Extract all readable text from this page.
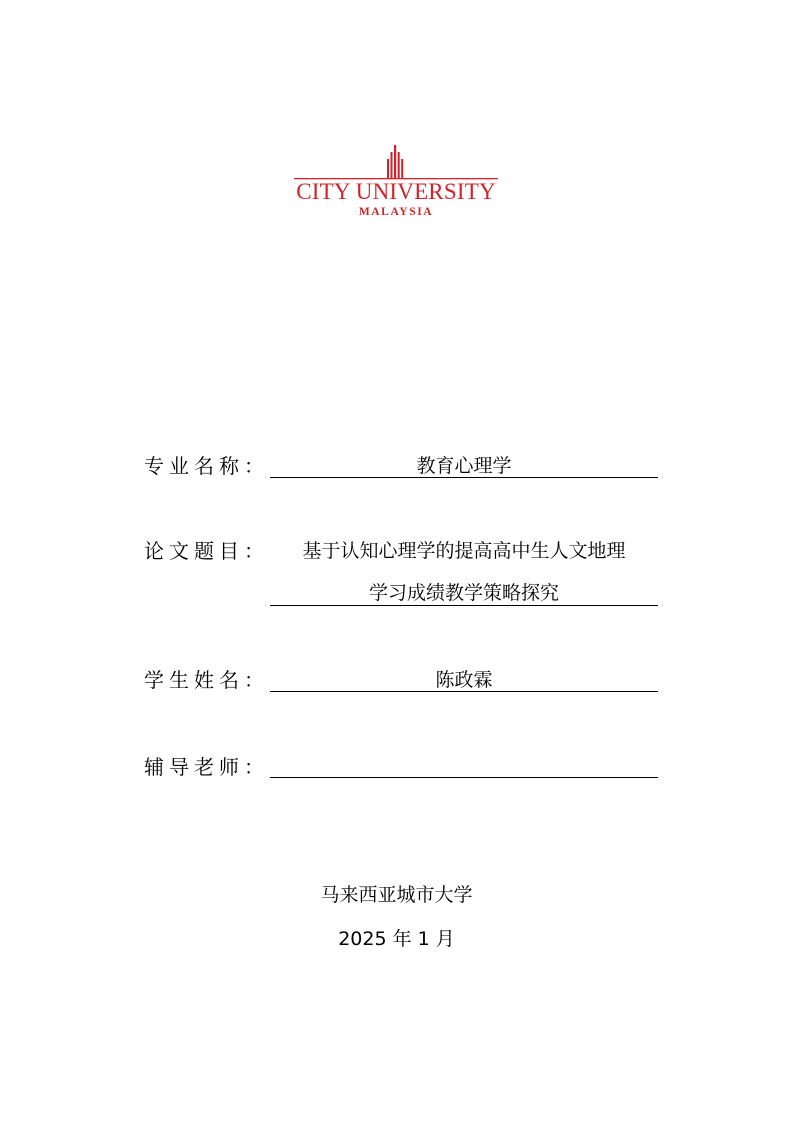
CITY UNIVERSITY
MALAYSIA
专业名称：	教育心理学
论文题目：	基于认知心理学的提高高中生人文地理
学习成绩教学策略探究
学生姓名：	陈政霖
辅导老师：
马来西亚城市大学
2025 年 1 月
